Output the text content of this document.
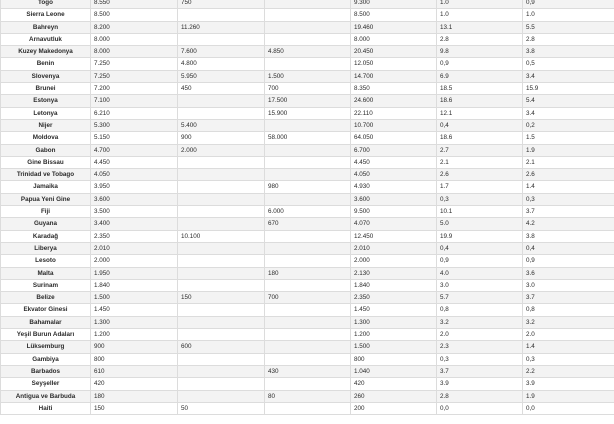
Togo	8.550	750		9.300	1.0	0,9
Sierra Leone	8.500			8.500	1.0	1.0
Bahreyn	8.200	11.260		19.460	13.1	5.5
Arnavutluk	8.000			8.000	2.8	2.8
Kuzey Makedonya	8.000	7.600	4.850	20.450	9.8	3.8
Benin	7.250	4.800		12.050	0,9	0,5
Slovenya	7.250	5.950	1.500	14.700	6.9	3.4
Brunei	7.200	450	700	8.350	18.5	15.9
Estonya	7.100		17.500	24.600	18.6	5.4
Letonya	6.210		15.900	22.110	12.1	3.4
Nijer	5.300	5.400		10.700	0,4	0,2
Moldova	5.150	900	58.000	64.050	18.6	1.5
Gabon	4.700	2.000		6.700	2.7	1.9
Gine Bissau	4.450			4.450	2.1	2.1
Trinidad ve Tobago	4.050			4.050	2.6	2.6
Jamaika	3.950		980	4.930	1.7	1.4
Papua Yeni Gine	3.600			3.600	0,3	0,3
Fiji	3.500		6.000	9.500	10.1	3.7
Guyana	3.400		670	4.070	5.0	4.2
Karadağ	2.350	10.100		12.450	19.9	3.8
Liberya	2.010			2.010	0,4	0,4
Lesoto	2.000			2.000	0,9	0,9
Malta	1.950		180	2.130	4.0	3.6
Surinam	1.840			1.840	3.0	3.0
Belize	1.500	150	700	2.350	5.7	3.7
Ekvator Ginesi	1.450			1.450	0,8	0,8
Bahamalar	1.300			1.300	3.2	3.2
Yeşil Burun Adaları	1.200			1.200	2.0	2.0
Lüksemburg	900	600		1.500	2.3	1.4
Gambiya	800			800	0,3	0,3
Barbados	610		430	1.040	3.7	2.2
Seyşeller	420			420	3.9	3.9
Antigua ve Barbuda	180		80	260	2.8	1.9
Haiti	150	50		200	0,0	0,0
